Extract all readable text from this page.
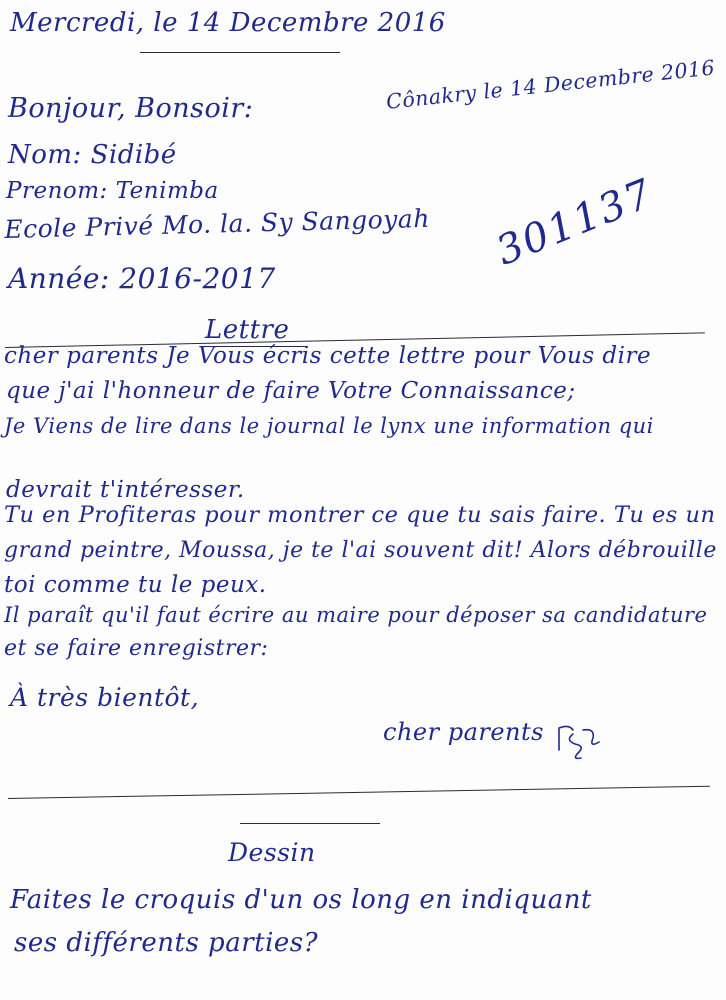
Mercredi, le 14 Decembre 2016
Bonjour, Bonsoir:	Cônakry le 14 Decembre 2016
Nom: Sidibé
Prenom: Tenimba
Ecole Privé Mo. la. Sy Sangoyah
Année: 2016-2017
301137
Lettre
cher parents Je Vous écris cette lettre pour Vous dire
que j'ai l'honneur de faire Votre Connaissance;
Je Viens de lire dans le journal le lynx une information qui
devrait t'intéresser.
Tu en Profiteras pour montrer ce que tu sais faire. Tu es un
grand peintre, Moussa, je te l'ai souvent dit! Alors débrouille
toi comme tu le peux.
Il paraît qu'il faut écrire au maire pour déposer sa candidature
et se faire enregistrer:
À très bientôt,
cher parents
Dessin
Faites le croquis d'un os long en indiquant
ses différents parties?
